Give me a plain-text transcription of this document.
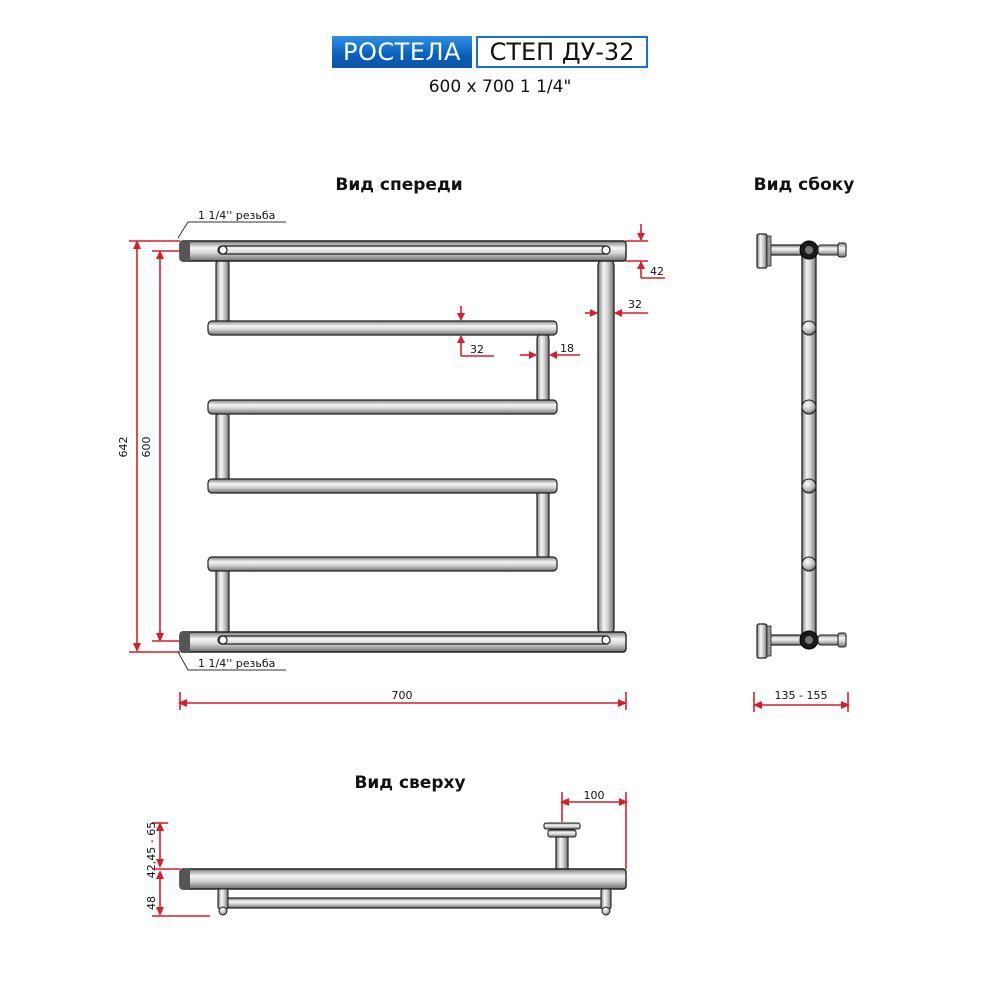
РОСТЕЛА	СТЕП ДУ-32
600 x 700 1 1/4"
Вид спереди
1 1/4'' резьба
1 1/4'' резьба
642 600
700
42
32
32	18
Вид сбоку
135 - 155
Вид сверху
100
42,45 - 65
48
